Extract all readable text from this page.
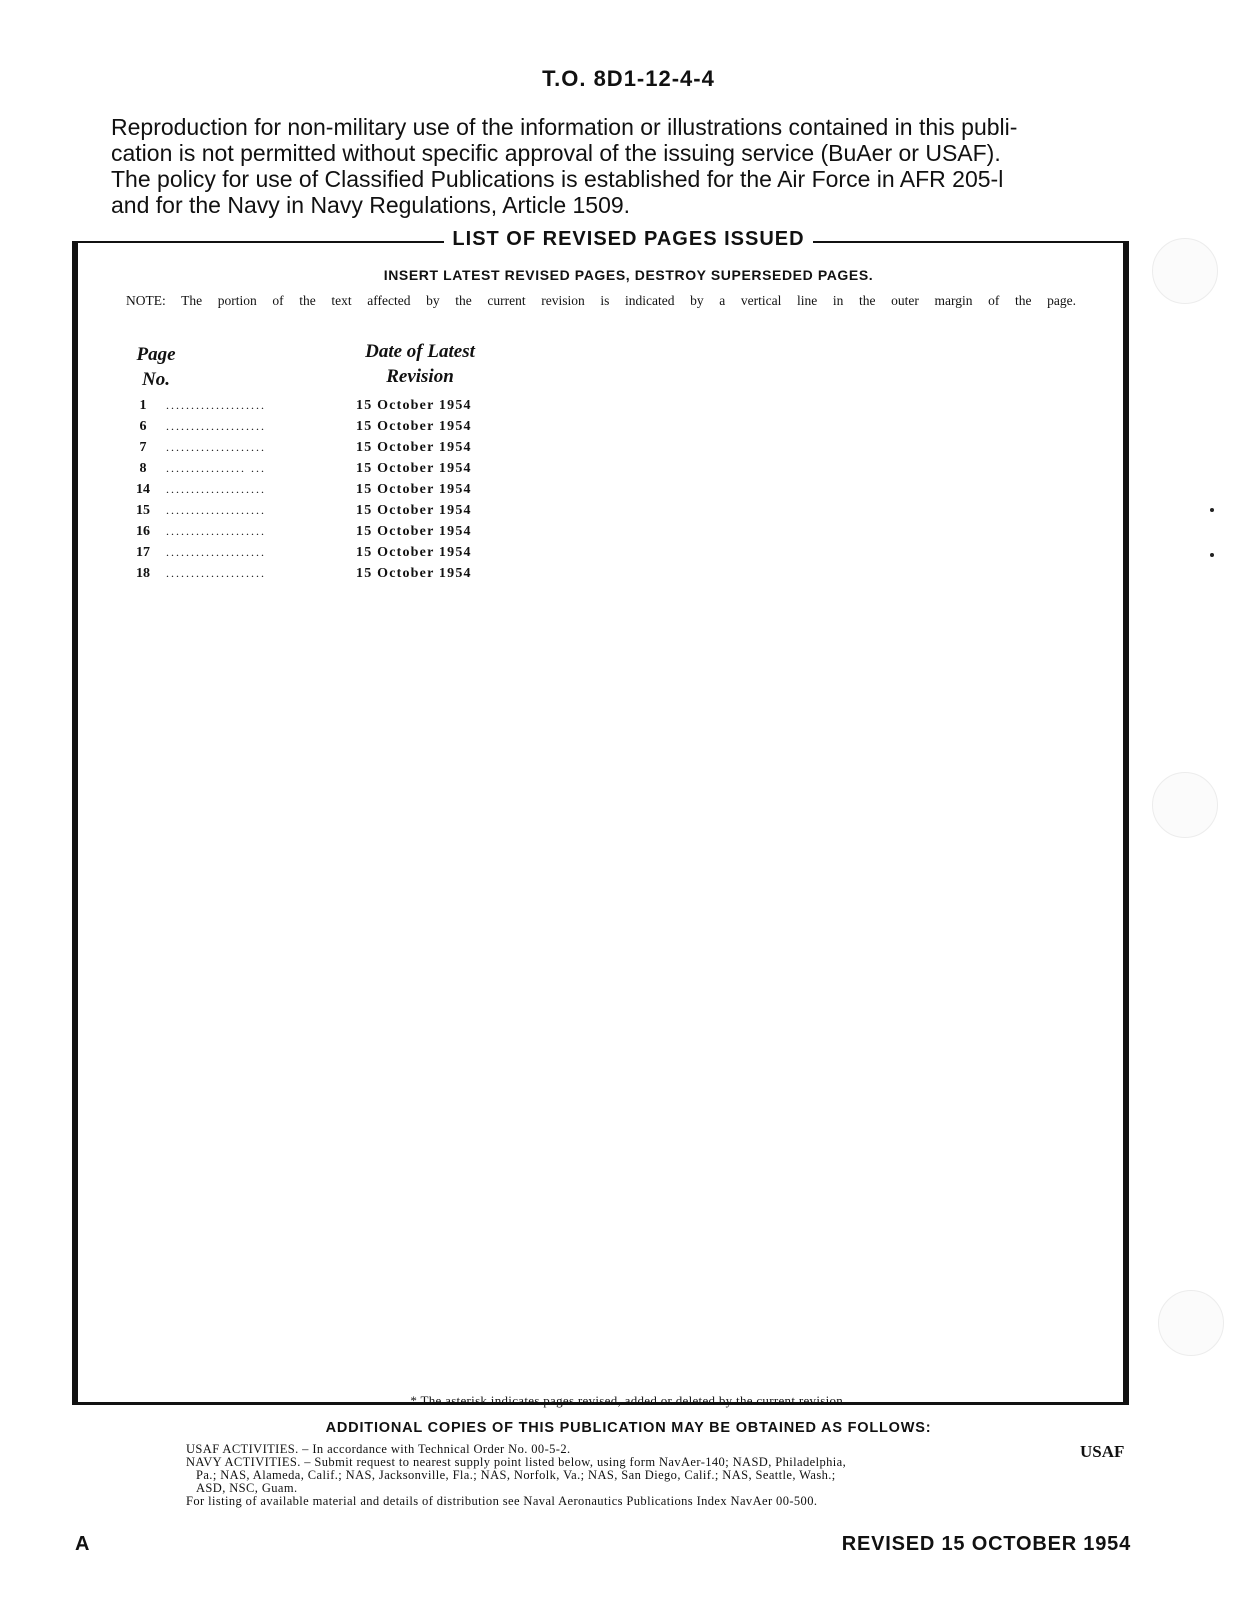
T.O. 8D1-12-4-4
Reproduction for non-military use of the information or illustrations contained in this publi-
cation is not permitted without specific approval of the issuing service (BuAer or USAF).
The policy for use of Classified Publications is established for the Air Force in AFR 205-l
and for the Navy in Navy Regulations, Article 1509.
LIST OF REVISED PAGES ISSUED
INSERT LATEST REVISED PAGES, DESTROY SUPERSEDED PAGES.
NOTE: The portion of the text affected by the current revision is indicated by a vertical line in the outer margin of the page.
Page
No.
Date of Latest
Revision
1	....................	15 October 1954
6	....................	15 October 1954
7	....................	15 October 1954
8	................ ...	15 October 1954
14	....................	15 October 1954
15	....................	15 October 1954
16	....................	15 October 1954
17	....................	15 October 1954
18	....................	15 October 1954
* The asterisk indicates pages revised, added or deleted by the current revision.
ADDITIONAL COPIES OF THIS PUBLICATION MAY BE OBTAINED AS FOLLOWS:
USAF ACTIVITIES. – In accordance with Technical Order No. 00-5-2.
NAVY ACTIVITIES. – Submit request to nearest supply point listed below, using form NavAer-140; NASD, Philadelphia,
Pa.; NAS, Alameda, Calif.; NAS, Jacksonville, Fla.; NAS, Norfolk, Va.; NAS, San Diego, Calif.; NAS, Seattle, Wash.;
ASD, NSC, Guam.
For listing of available material and details of distribution see Naval Aeronautics Publications Index NavAer 00-500.
USAF
A	REVISED 15 OCTOBER 1954
